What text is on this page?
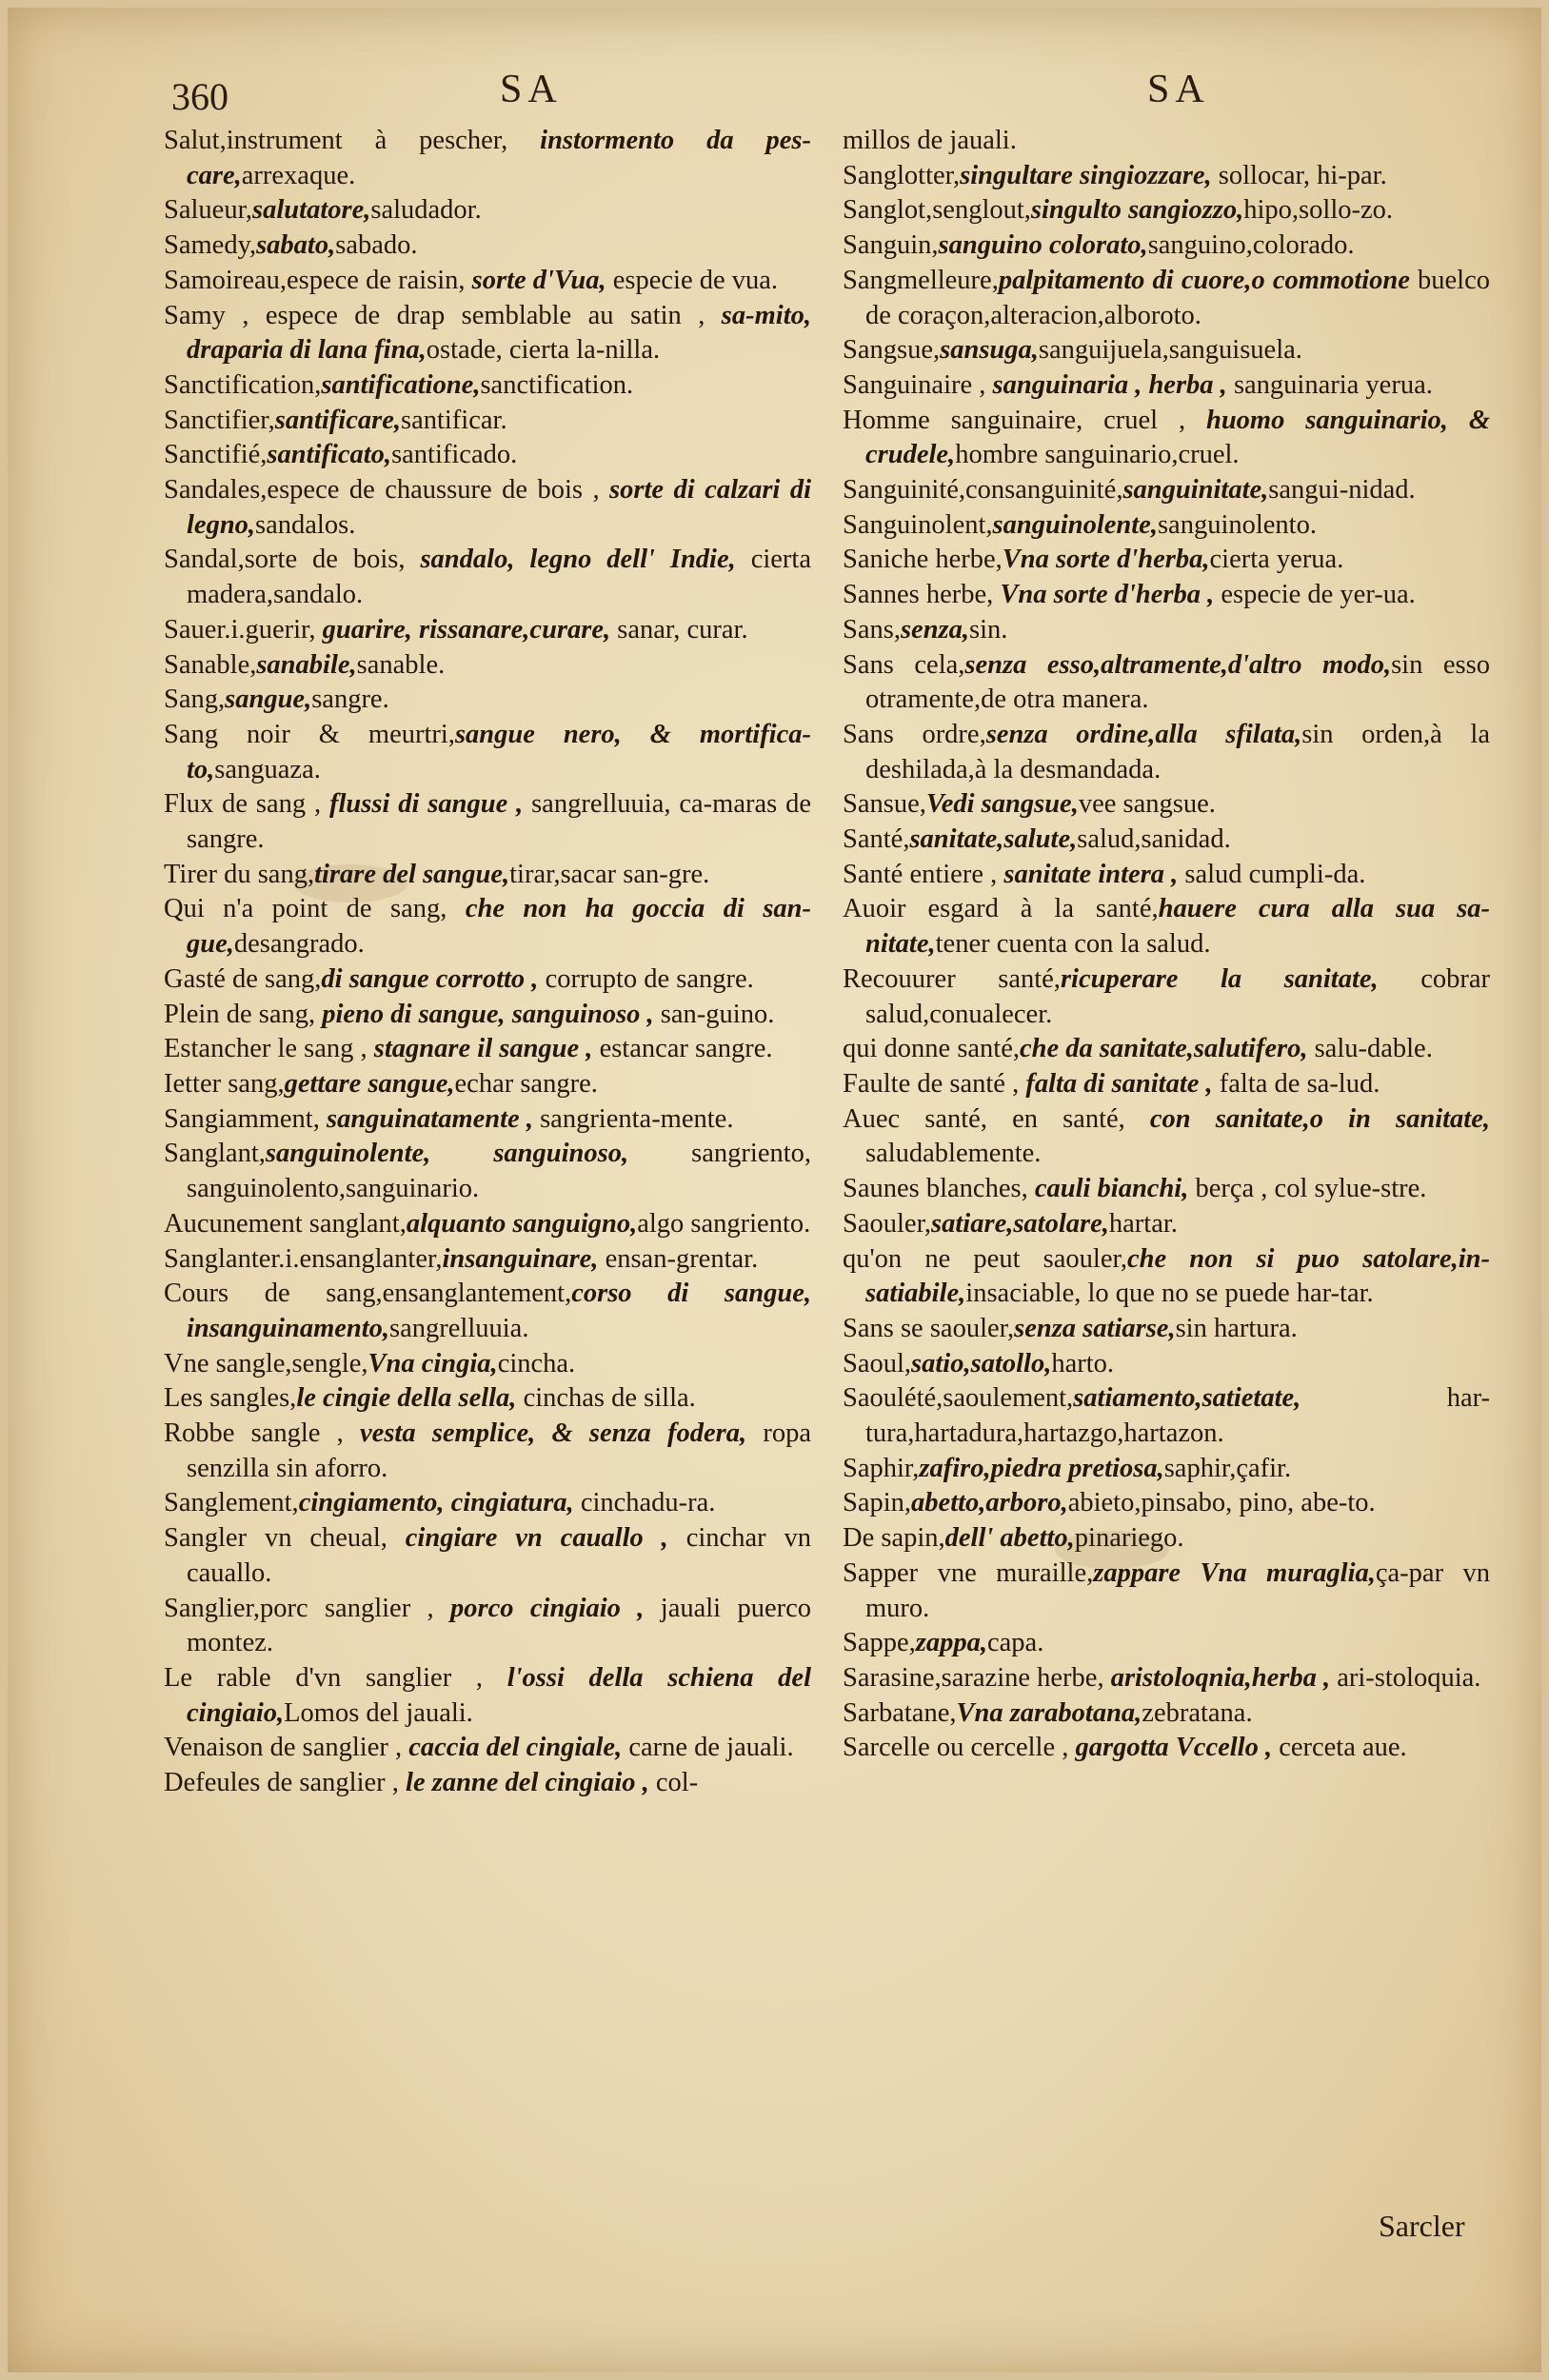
360	SA	SA
Salut,instrument à pescher, instormento da pes-care,arrexaque.
Salueur,salutatore,saludador.
Samedy,sabato,sabado.
Samoireau,espece de raisin, sorte d'Vua, especie de vua.
Samy , espece de drap semblable au satin , sa-mito, draparia di lana fina,ostade, cierta la-nilla.
Sanctification,santificatione,sanctification.
Sanctifier,santificare,santificar.
Sanctifié,santificato,santificado.
Sandales,espece de chaussure de bois , sorte di calzari di legno,sandalos.
Sandal,sorte de bois, sandalo, legno dell' Indie, cierta madera,sandalo.
Sauer.i.guerir, guarire, rissanare,curare, sanar, curar.
Sanable,sanabile,sanable.
Sang,sangue,sangre.
Sang noir & meurtri,sangue nero, & mortifica-to,sanguaza.
Flux de sang , flussi di sangue , sangrelluuia, ca-maras de sangre.
Tirer du sang,tirare del sangue,tirar,sacar san-gre.
Qui n'a point de sang, che non ha goccia di san-gue,desangrado.
Gasté de sang,di sangue corrotto , corrupto de sangre.
Plein de sang, pieno di sangue, sanguinoso , san-guino.
Estancher le sang , stagnare il sangue , estancar sangre.
Ietter sang,gettare sangue,echar sangre.
Sangiamment, sanguinatamente , sangrienta-mente.
Sanglant,sanguinolente, sanguinoso, sangriento, sanguinolento,sanguinario.
Aucunement sanglant,alquanto sanguigno,algo sangriento.
Sanglanter.i.ensanglanter,insanguinare, ensan-grentar.
Cours de sang,ensanglantement,corso di sangue, insanguinamento,sangrelluuia.
Vne sangle,sengle,Vna cingia,cincha.
Les sangles,le cingie della sella, cinchas de silla.
Robbe sangle , vesta semplice, & senza fodera, ropa senzilla sin aforro.
Sanglement,cingiamento, cingiatura, cinchadu-ra.
Sangler vn cheual, cingiare vn cauallo , cinchar vn cauallo.
Sanglier,porc sanglier , porco cingiaio , jauali puerco montez.
Le rable d'vn sanglier , l'ossi della schiena del cingiaio,Lomos del jauali.
Venaison de sanglier , caccia del cingiale, carne de jauali.
Defeules de sanglier , le zanne del cingiaio , col-
millos de jauali.
Sanglotter,singultare singiozzare, sollocar, hi-par.
Sanglot,senglout,singulto sangiozzo,hipo,sollo-zo.
Sanguin,sanguino colorato,sanguino,colorado.
Sangmelleure,palpitamento di cuore,o commotione buelco de coraçon,alteracion,alboroto.
Sangsue,sansuga,sanguijuela,sanguisuela.
Sanguinaire , sanguinaria , herba , sanguinaria yerua.
Homme sanguinaire, cruel , huomo sanguinario, & crudele,hombre sanguinario,cruel.
Sanguinité,consanguinité,sanguinitate,sangui-nidad.
Sanguinolent,sanguinolente,sanguinolento.
Saniche herbe,Vna sorte d'herba,cierta yerua.
Sannes herbe, Vna sorte d'herba , especie de yer-ua.
Sans,senza,sin.
Sans cela,senza esso,altramente,d'altro modo,sin esso otramente,de otra manera.
Sans ordre,senza ordine,alla sfilata,sin orden,à la deshilada,à la desmandada.
Sansue,Vedi sangsue,vee sangsue.
Santé,sanitate,salute,salud,sanidad.
Santé entiere , sanitate intera , salud cumpli-da.
Auoir esgard à la santé,hauere cura alla sua sa-nitate,tener cuenta con la salud.
Recouurer santé,ricuperare la sanitate, cobrar salud,conualecer.
qui donne santé,che da sanitate,salutifero, salu-dable.
Faulte de santé , falta di sanitate , falta de sa-lud.
Auec santé, en santé, con sanitate,o in sanitate, saludablemente.
Saunes blanches, cauli bianchi, berça , col sylue-stre.
Saouler,satiare,satolare,hartar.
qu'on ne peut saouler,che non si puo satolare,in-satiabile,insaciable, lo que no se puede har-tar.
Sans se saouler,senza satiarse,sin hartura.
Saoul,satio,satollo,harto.
Saoulété,saoulement,satiamento,satietate, har-tura,hartadura,hartazgo,hartazon.
Saphir,zafiro,piedra pretiosa,saphir,çafir.
Sapin,abetto,arboro,abieto,pinsabo, pino, abe-to.
De sapin,dell' abetto,pinariego.
Sapper vne muraille,zappare Vna muraglia,ça-par vn muro.
Sappe,zappa,capa.
Sarasine,sarazine herbe, aristoloqnia,herba , ari-stoloquia.
Sarbatane,Vna zarabotana,zebratana.
Sarcelle ou cercelle , gargotta Vccello , cerceta aue.
Sarcler
